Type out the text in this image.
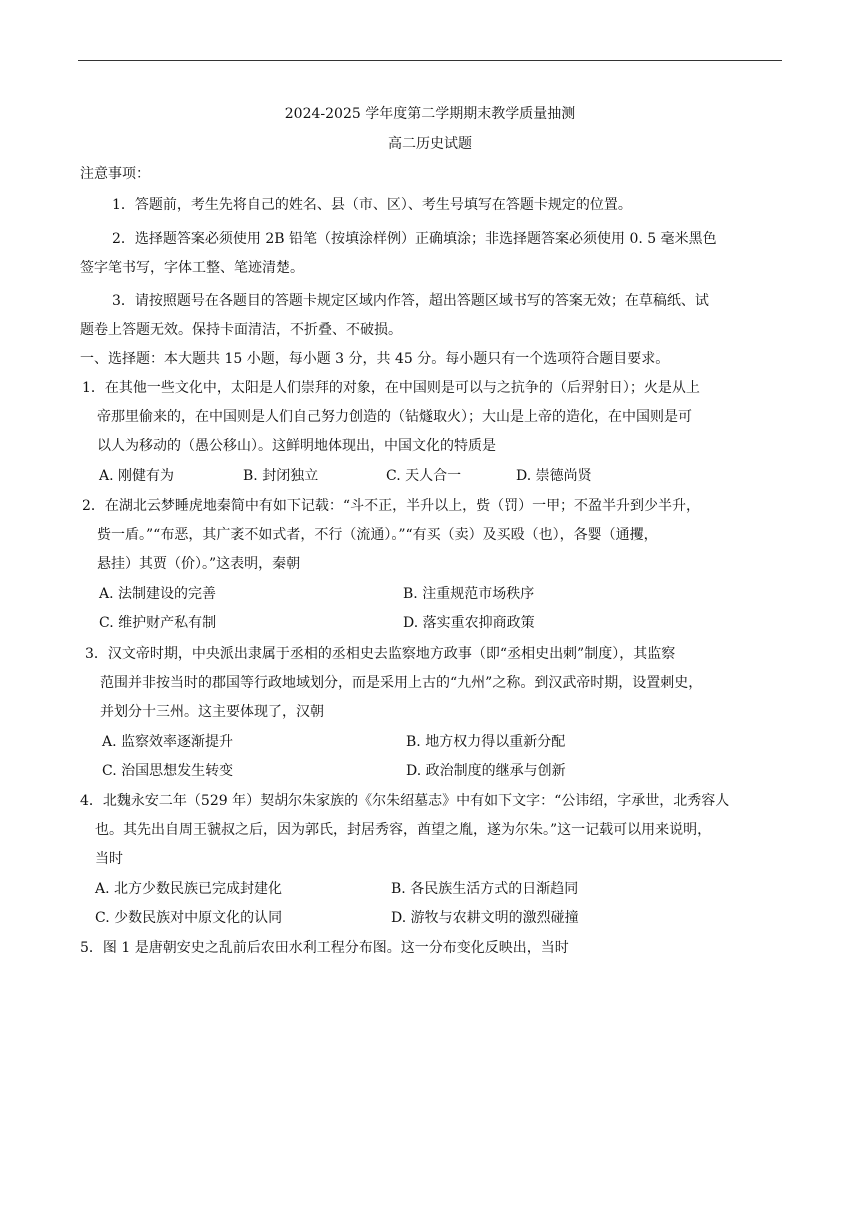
2024-2025 学年度第二学期期末教学质量抽测
高二历史试题
注意事项：
1．答题前，考生先将自己的姓名、县（市、区）、考生号填写在答题卡规定的位置。
2．选择题答案必须使用 2B 铅笔（按填涂样例）正确填涂；非选择题答案必须使用 0. 5 毫米黑色
签字笔书写，字体工整、笔迹清楚。
3．请按照题号在各题目的答题卡规定区域内作答，超出答题区域书写的答案无效；在草稿纸、试
题卷上答题无效。保持卡面清洁，不折叠、不破损。
一、选择题：本大题共 15 小题，每小题 3 分，共 45 分。每小题只有一个选项符合题目要求。
1．在其他一些文化中，太阳是人们崇拜的对象，在中国则是可以与之抗争的（后羿射日）；火是从上
帝那里偷来的，在中国则是人们自己努力创造的（钻燧取火）；大山是上帝的造化，在中国则是可
以人为移动的（愚公移山）。这鲜明地体现出，中国文化的特质是
A. 刚健有为	B. 封闭独立	C. 天人合一	D. 崇德尚贤
2．在湖北云梦睡虎地秦简中有如下记载：“斗不正，半升以上，赀（罚）一甲；不盈半升到少半升，
赀一盾。”“布恶，其广袤不如式者，不行（流通）。”“有买（卖）及买殴（也），各婴（通攫，
悬挂）其贾（价）。”这表明，秦朝
A. 法制建设的完善	B. 注重规范市场秩序
C. 维护财产私有制	D. 落实重农抑商政策
3．汉文帝时期，中央派出隶属于丞相的丞相史去监察地方政事（即“丞相史出刺”制度），其监察
范围并非按当时的郡国等行政地域划分，而是采用上古的“九州”之称。到汉武帝时期，设置刺史，
并划分十三州。这主要体现了，汉朝
A. 监察效率逐渐提升	B. 地方权力得以重新分配
C. 治国思想发生转变	D. 政治制度的继承与创新
4．北魏永安二年（529 年）契胡尔朱家族的《尔朱绍墓志》中有如下文字：“公讳绍，字承世，北秀容人
也。其先出自周王虢叔之后，因为郭氏，封居秀容，酋望之胤，遂为尔朱。”这一记载可以用来说明，
当时
A. 北方少数民族已完成封建化	B. 各民族生活方式的日渐趋同
C. 少数民族对中原文化的认同	D. 游牧与农耕文明的激烈碰撞
5．图 1 是唐朝安史之乱前后农田水利工程分布图。这一分布变化反映出，当时
